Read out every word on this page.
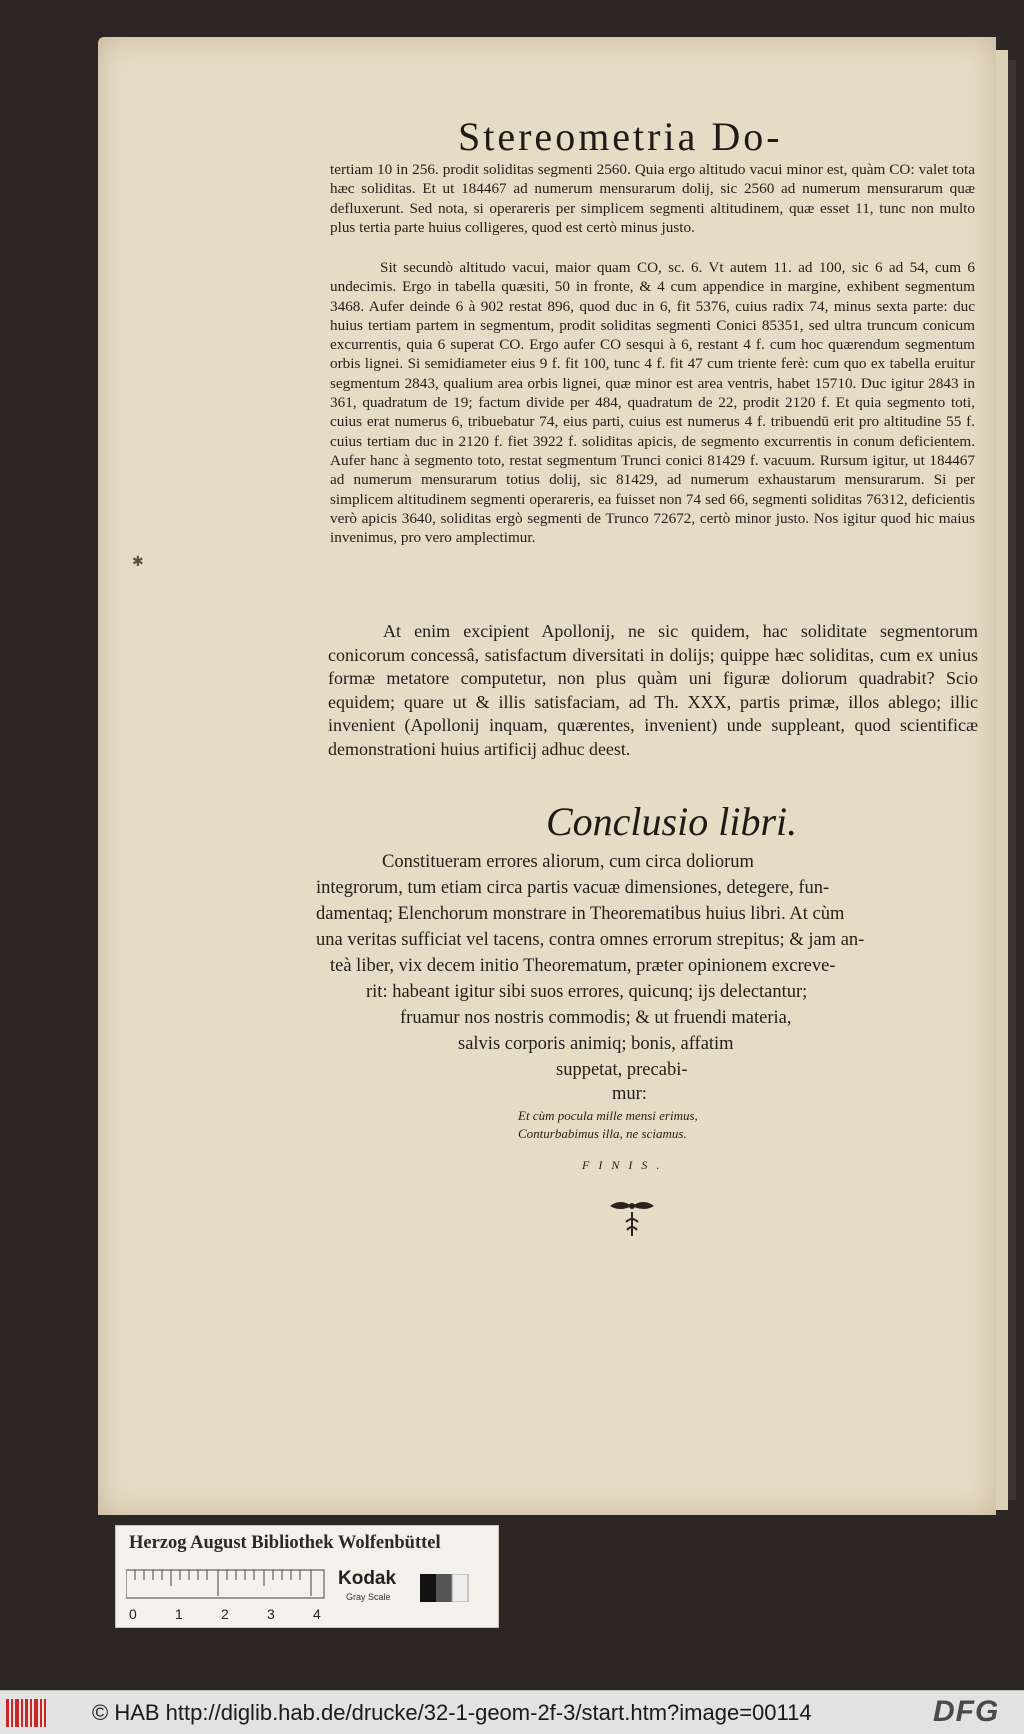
Stereometria Do-
tertiam 10 in 256. prodit soliditas segmenti 2560. Quia ergo altitudo vacui minor est, quàm CO: valet tota hæc soliditas. Et ut 184467 ad numerum mensurarum dolij, sic 2560 ad numerum mensurarum quæ defluxerunt. Sed nota, si operareris per simplicem segmenti altitudinem, quæ esset 11, tunc non multo plus tertia parte huius colligeres, quod est certò minus justo.
Sit secundò altitudo vacui, maior quam CO, sc. 6. Vt autem 11. ad 100, sic 6 ad 54, cum 6 undecimis. Ergo in tabella quæsiti, 50 in fronte, & 4 cum appendice in margine, exhibent segmentum 3468. Aufer deinde 6 à 902 restat 896, quod duc in 6, fit 5376, cuius radix 74, minus sexta parte: duc huius tertiam partem in segmentum, prodit soliditas segmenti Conici 85351, sed ultra truncum conicum excurrentis, quia 6 superat CO. Ergo aufer CO sesqui à 6, restant 4 f. cum hoc quærendum segmentum orbis lignei. Si semidiameter eius 9 f. fit 100, tunc 4 f. fit 47 cum triente ferè: cum quo ex tabella eruitur segmentum 2843, qualium area orbis lignei, quæ minor est area ventris, habet 15710. Duc igitur 2843 in 361, quadratum de 19; factum divide per 484, quadratum de 22, prodit 2120 f. Et quia segmento toti, cuius erat numerus 6, tribuebatur 74, eius parti, cuius est numerus 4 f. tribuendū erit pro altitudine 55 f. cuius tertiam duc in 2120 f. fiet 3922 f. soliditas apicis, de segmento excurrentis in conum deficientem. Aufer hanc à segmento toto, restat segmentum Trunci conici 81429 f. vacuum. Rursum igitur, ut 184467 ad numerum mensurarum totius dolij, sic 81429, ad numerum exhaustarum mensurarum. Si per simplicem altitudinem segmenti operareris, ea fuisset non 74 sed 66, segmenti soliditas 76312, deficientis verò apicis 3640, soliditas ergò segmenti de Trunco 72672, certò minor justo. Nos igitur quod hic maius invenimus, pro vero amplectimur.
At enim excipient Apollonij, ne sic quidem, hac soliditate segmentorum conicorum concessâ, satisfactum diversitati in dolijs; quippe hæc soliditas, cum ex unius formæ metatore computetur, non plus quàm uni figuræ doliorum quadrabit? Scio equidem; quare ut & illis satisfaciam, ad Th. XXX, partis primæ, illos ablego; illic invenient (Apollonij inquam, quærentes, invenient) unde suppleant, quod scientificæ demonstrationi huius artificij adhuc deest.
✱
Conclusio libri.
Constitueram errores aliorum, cum circa doliorum
integrorum, tum etiam circa partis vacuæ dimensiones, detegere, fun-
damentaq; Elenchorum monstrare in Theorematibus huius libri. At cùm
una veritas sufficiat vel tacens, contra omnes errorum strepitus; & jam an-
teà liber, vix decem initio Theorematum, præter opinionem excreve-
rit: habeant igitur sibi suos errores, quicunq; ijs delectantur;
fruamur nos nostris commodis; & ut fruendi materia,
salvis corporis animiq; bonis, affatim
suppetat, precabi-
mur:
Et cùm pocula mille mensi erimus,
Conturbabimus illa, ne sciamus.
FINIS.
Herzog August Bibliothek Wolfenbüttel
0	1	2	3	4
Kodak
Gray Scale
© HAB http://diglib.hab.de/drucke/32-1-geom-2f-3/start.htm?image=00114	DFG
